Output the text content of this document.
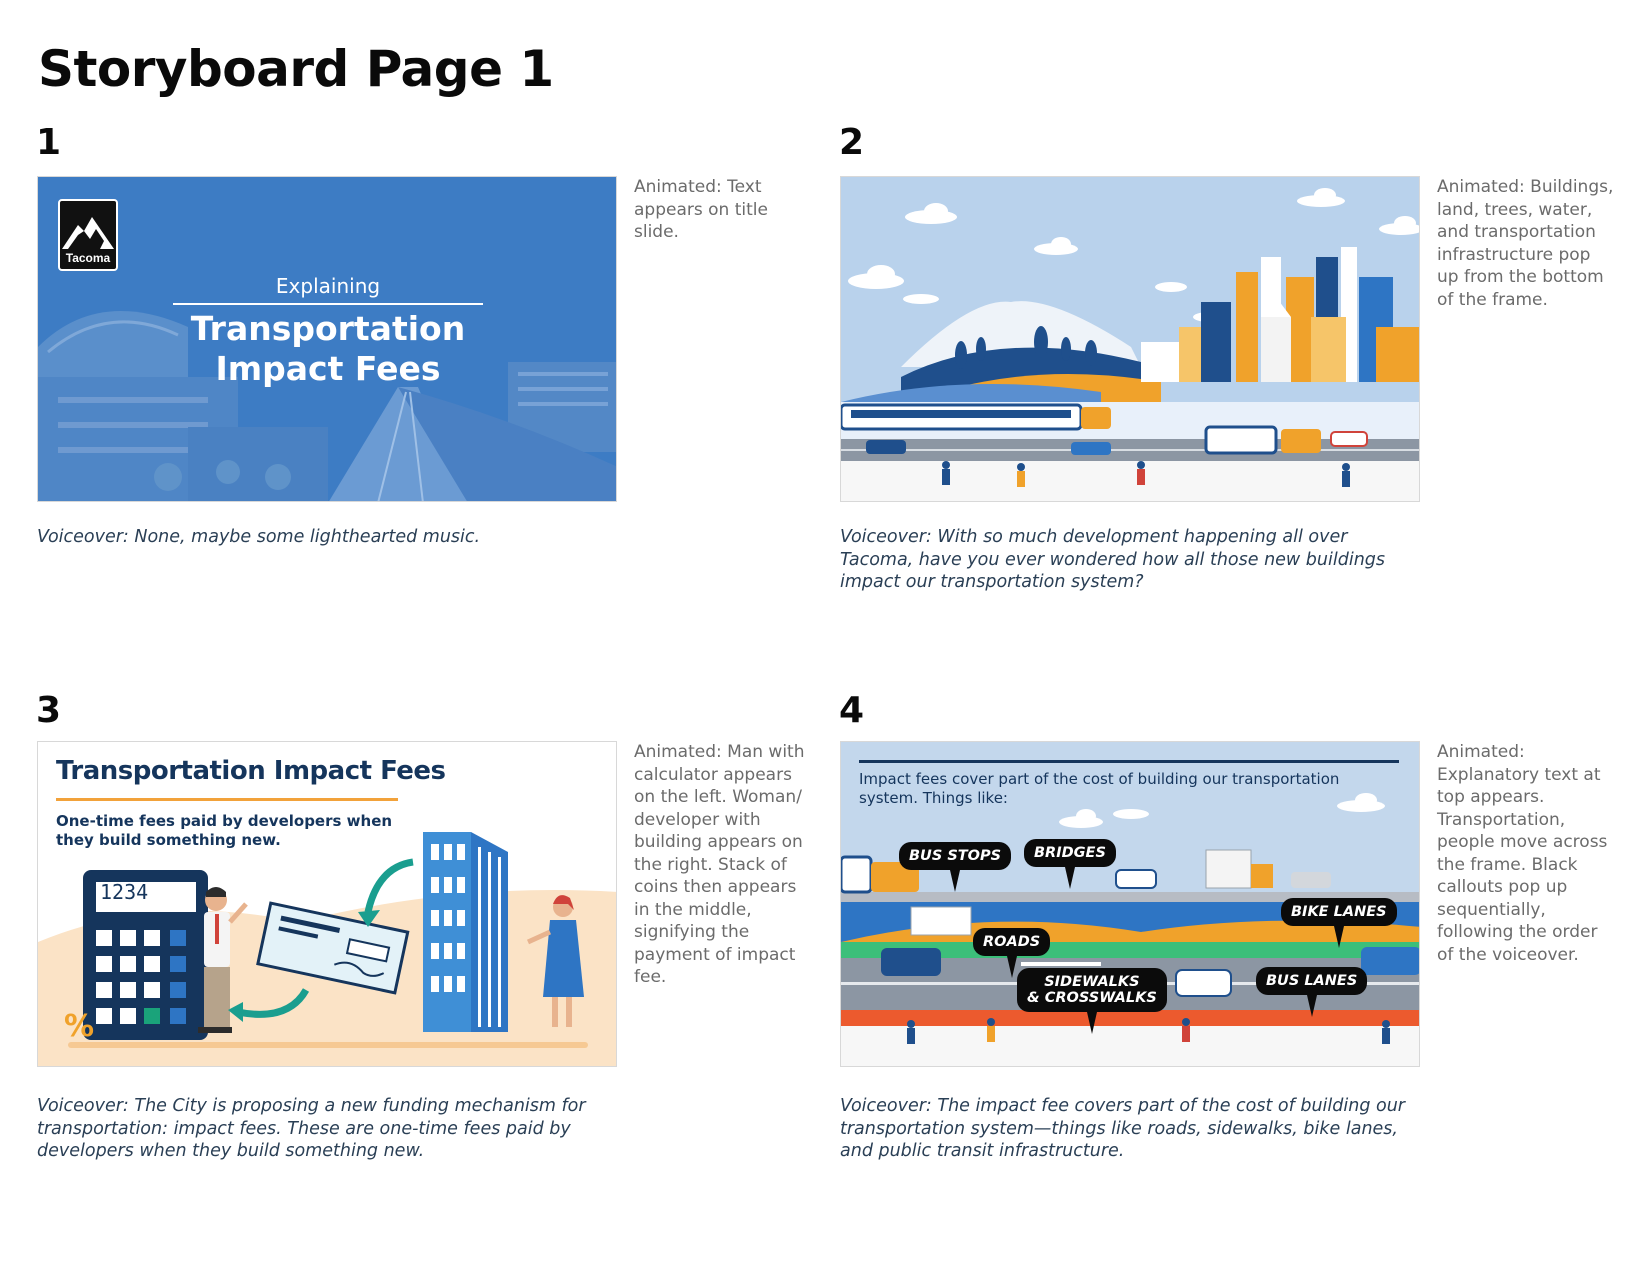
Storyboard Page 1
1
Tacoma
Explaining
Transportation
Impact Fees
Animated: Text appears on title slide.
Voiceover: None, maybe some lighthearted music.
2
Animated: Buildings, land, trees, water, and transportation infrastructure pop up from the bottom of the frame.
Voiceover: With so much development happening all over Tacoma, have you ever wondered how all those new buildings impact our transportation system?
3
%
Transportation Impact Fees
One-time fees paid by developers when they build something new.
1234
Animated: Man with calculator appears on the left. Woman/ developer with building appears on the right. Stack of coins then appears in the middle, signifying the payment of impact fee.
Voiceover: The City is proposing a new funding mechanism for transportation: impact fees. These are one-time fees paid by developers when they build something new.
4
Impact fees cover part of the cost of building our transportation system. Things like:
BUS STOPS	BRIDGES
BIKE LANES
ROADS
SIDEWALKS
& CROSSWALKS
BUS LANES
Animated: Explanatory text at top appears. Transportation, people move across the frame. Black callouts pop up sequentially, following the order of the voiceover.
Voiceover: The impact fee covers part of the cost of building our transportation system—things like roads, sidewalks, bike lanes, and public transit infrastructure.
